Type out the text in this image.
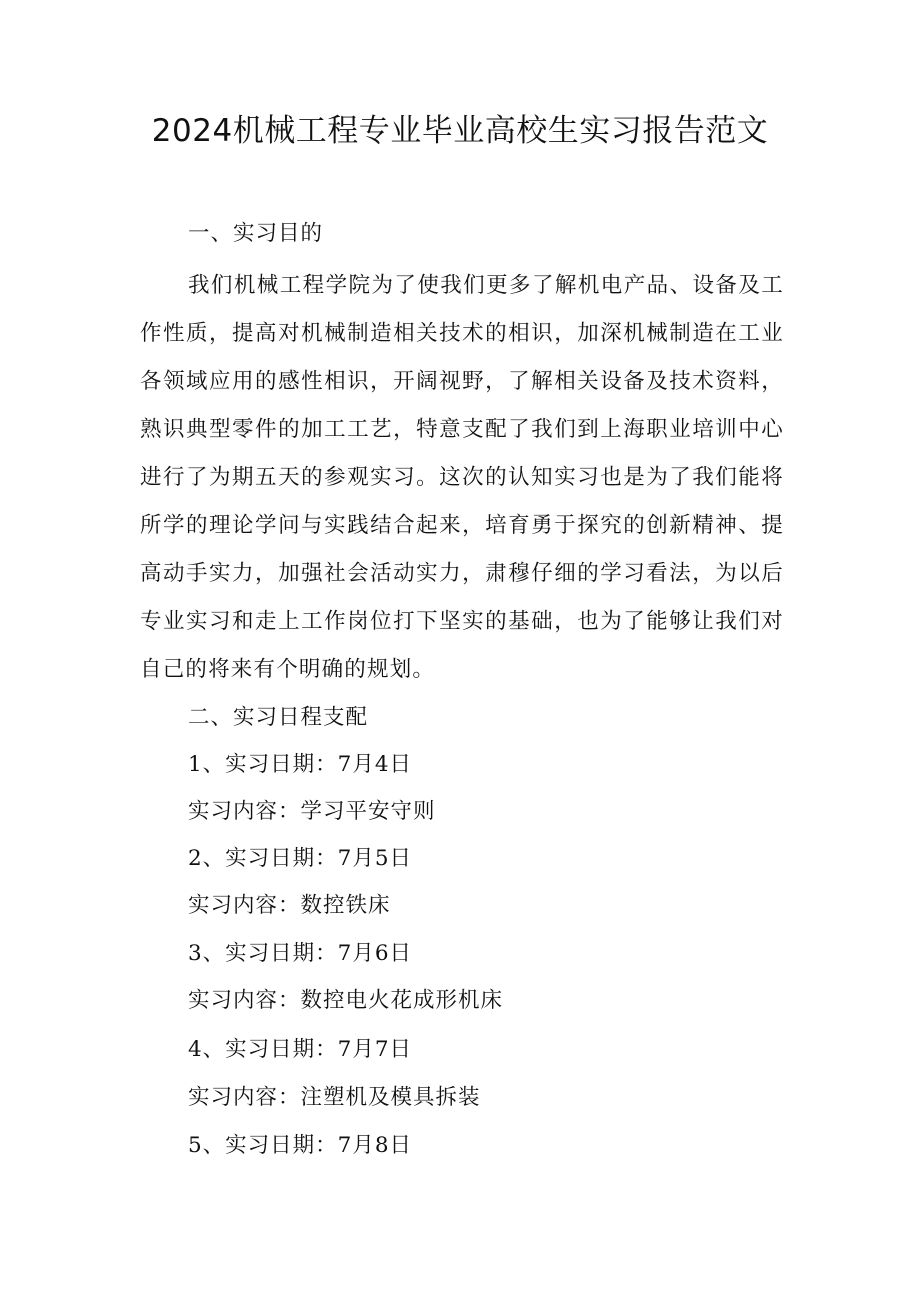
2024机械工程专业毕业高校生实习报告范文

一、实习目的

我们机械工程学院为了使我们更多了解机电产品、设备及工作性质，提高对机械制造相关技术的相识，加深机械制造在工业各领域应用的感性相识，开阔视野，了解相关设备及技术资料，熟识典型零件的加工工艺，特意支配了我们到上海职业培训中心进行了为期五天的参观实习。这次的认知实习也是为了我们能将所学的理论学问与实践结合起来，培育勇于探究的创新精神、提高动手实力，加强社会活动实力，肃穆仔细的学习看法，为以后专业实习和走上工作岗位打下坚实的基础，也为了能够让我们对自己的将来有个明确的规划。

二、实习日程支配

1、实习日期：7月4日

实习内容：学习平安守则

2、实习日期：7月5日

实习内容：数控铁床

3、实习日期：7月6日

实习内容：数控电火花成形机床

4、实习日期：7月7日

实习内容：注塑机及模具拆装

5、实习日期：7月8日
